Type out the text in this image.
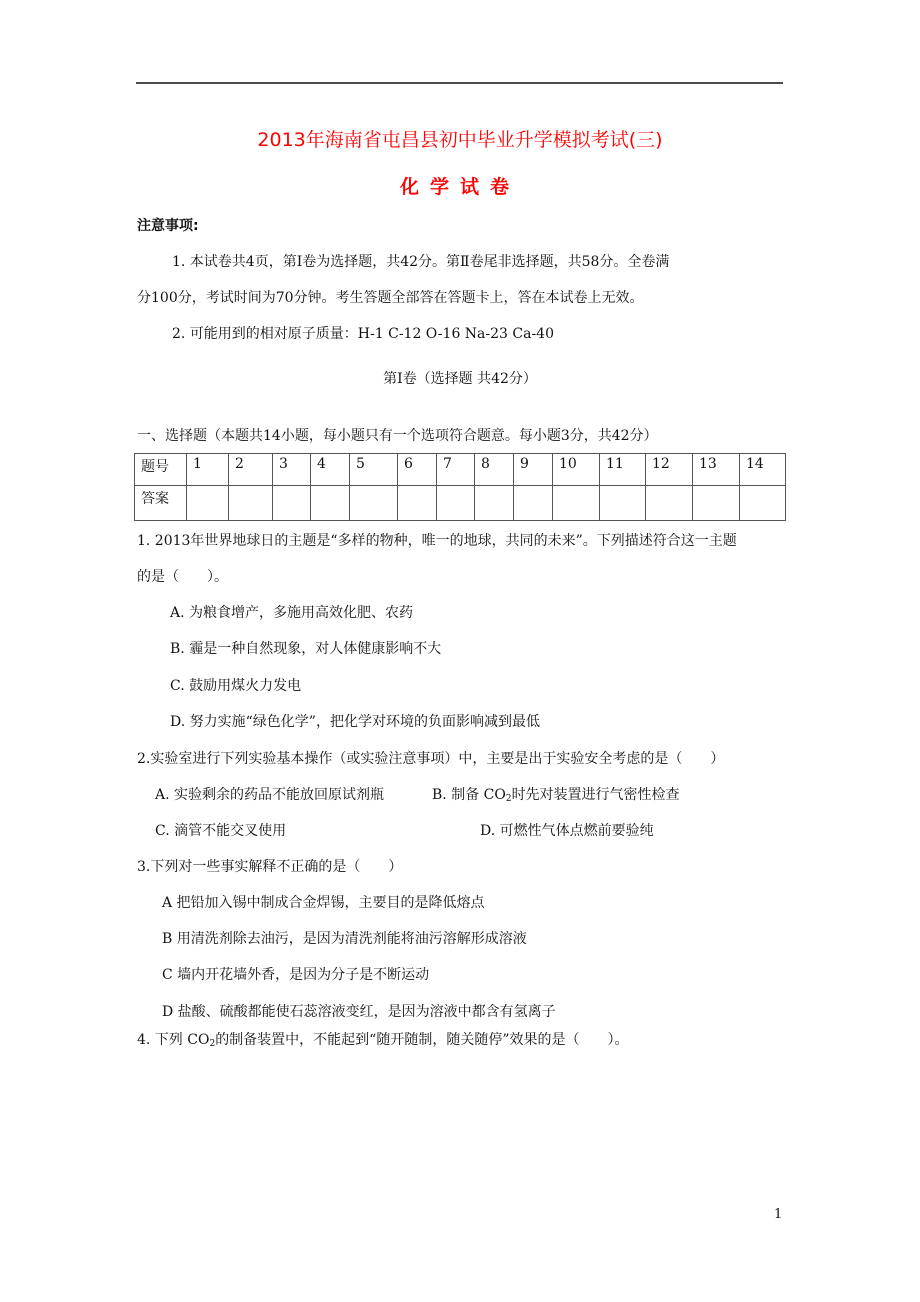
2013年海南省屯昌县初中毕业升学模拟考试(三)
化学试卷
注意事项:
1. 本试卷共4页，第Ⅰ卷为选择题，共42分。第Ⅱ卷尾非选择题，共58分。全卷满
分100分，考试时间为70分钟。考生答题全部答在答题卡上，答在本试卷上无效。
2. 可能用到的相对原子质量：H-1 C-12 O-16 Na-23 Ca-40
第Ⅰ卷（选择题 共42分）
一、选择题（本题共14小题，每小题只有一个选项符合题意。每小题3分，共42分）
题号	1	2	3	4	5	6	7	8	9	10	11	12	13	14
答案														
1. 2013年世界地球日的主题是“多样的物种，唯一的地球，共同的未来”。下列描述符合这一主题
的是（　　）。
A. 为粮食增产，多施用高效化肥、农药
B. 霾是一种自然现象，对人体健康影响不大
C. 鼓励用煤火力发电
D. 努力实施“绿色化学”，把化学对环境的负面影响减到最低
2.实验室进行下列实验基本操作（或实验注意事项）中，主要是出于实验安全考虑的是（　　）
A. 实验剩余的药品不能放回原试剂瓶	B. 制备 $CO_2$时先对装置进行气密性检查
C. 滴管不能交叉使用	D. 可燃性气体点燃前要验纯
3.下列对一些事实解释不正确的是（　　）
A 把铅加入锡中制成合金焊锡，主要目的是降低熔点
B 用清洗剂除去油污，是因为清洗剂能将油污溶解形成溶液
C 墙内开花墙外香，是因为分子是不断运动
D 盐酸、硫酸都能使石蕊溶液变红，是因为溶液中都含有氢离子
4. 下列 $CO_2$的制备装置中，不能起到“随开随制，随关随停”效果的是（　　）。
1
